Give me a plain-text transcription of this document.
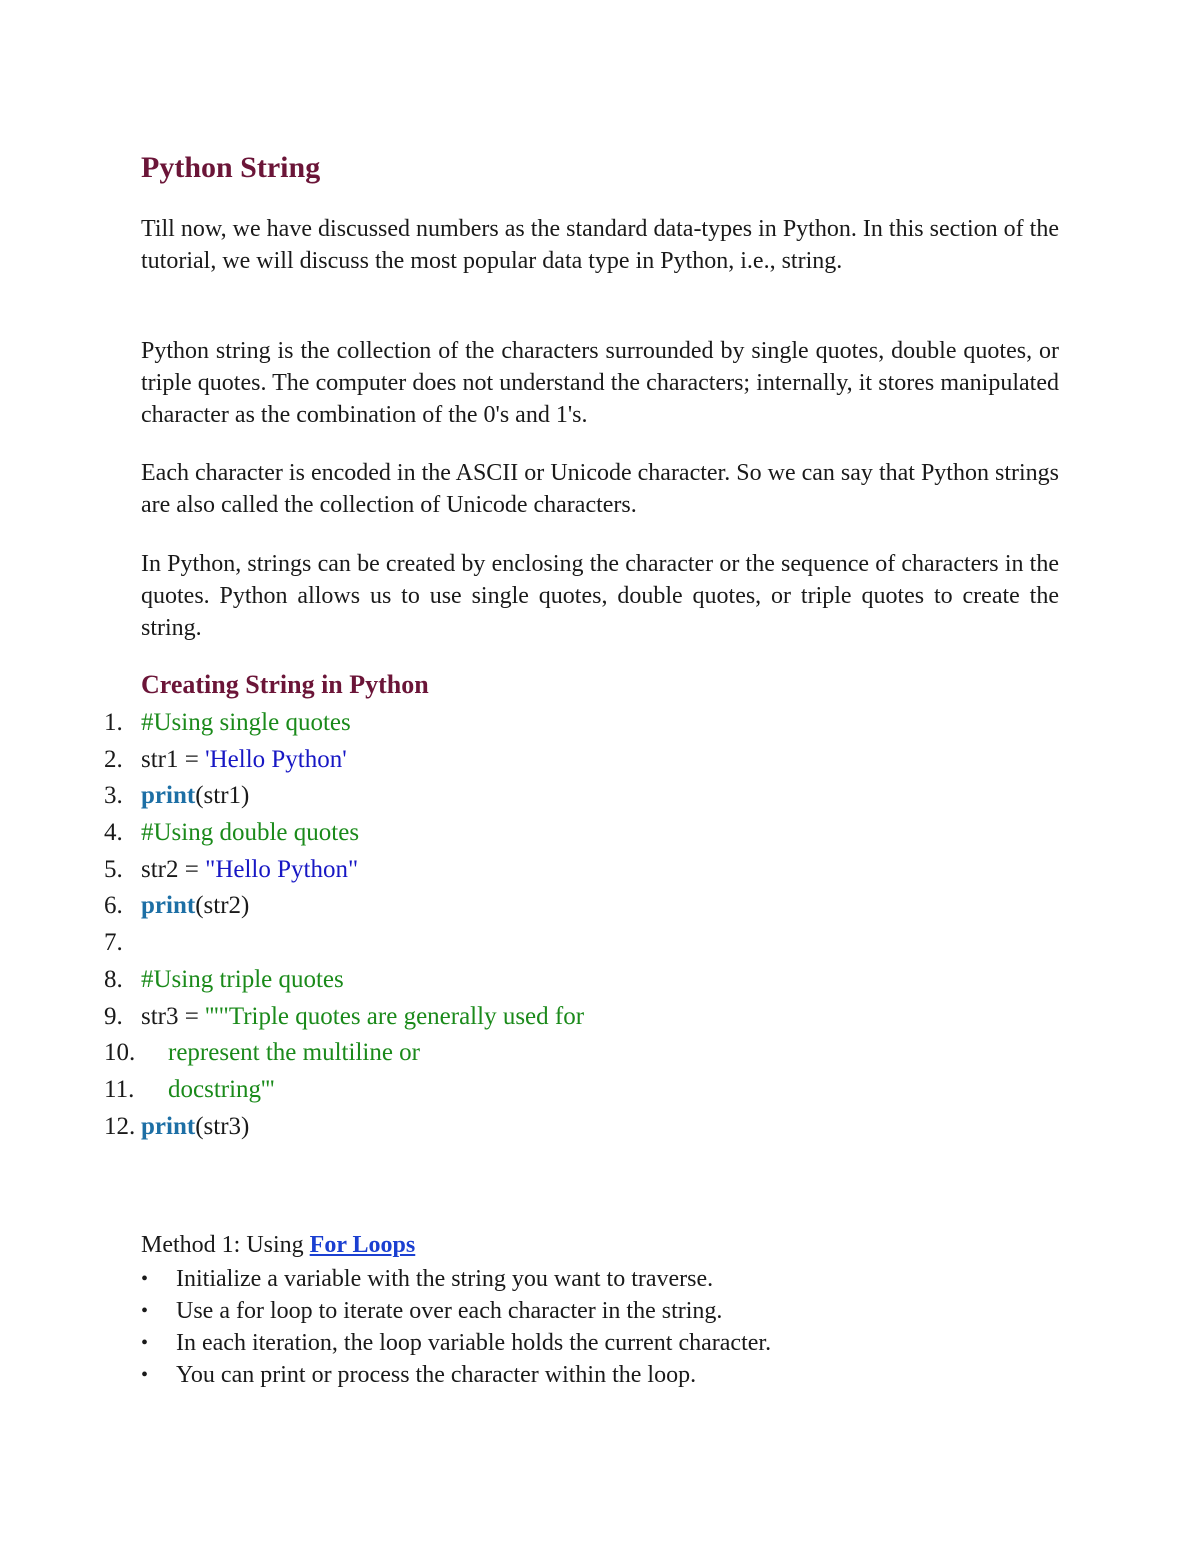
Python String

Till now, we have discussed numbers as the standard data-types in Python. In this section of the tutorial, we will discuss the most popular data type in Python, i.e., string.

Python string is the collection of the characters surrounded by single quotes, double quotes, or triple quotes. The computer does not understand the characters; internally, it stores manipulated character as the combination of the 0's and 1's.

Each character is encoded in the ASCII or Unicode character. So we can say that Python strings are also called the collection of Unicode characters.

In Python, strings can be created by enclosing the character or the sequence of characters in the quotes. Python allows us to use single quotes, double quotes, or triple quotes to create the string.

Creating String in Python
1. #Using single quotes
2. str1 = 'Hello Python'
3. print(str1)
4. #Using double quotes
5. str2 = "Hello Python"
6. print(str2)
7.
8. #Using triple quotes
9. str3 = '''"Triple quotes are generally used for
10. represent the multiline or
11. docstring'''
12. print(str3)

Method 1: Using For Loops

• Initialize a variable with the string you want to traverse.
• Use a for loop to iterate over each character in the string.
• In each iteration, the loop variable holds the current character.
• You can print or process the character within the loop.
